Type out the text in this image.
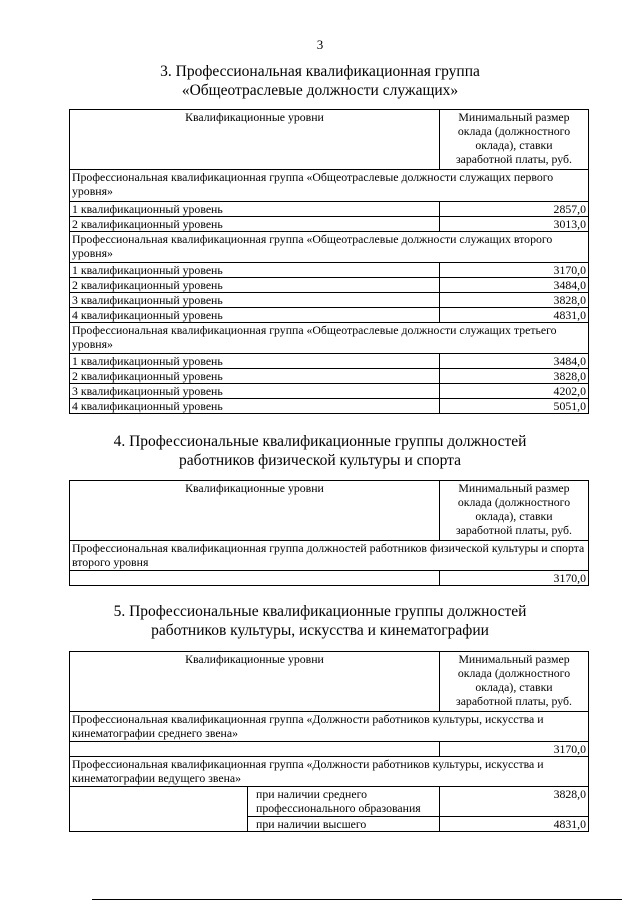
3
3. Профессиональная квалификационная группа
«Общеотраслевые должности служащих»
Квалификационные уровни	Минимальный размер
оклада (должностного
оклада), ставки
заработной платы, руб.

Профессиональная квалификационная группа «Общеотраслевые должности служащих первого уровня»	
1 квалификационный уровень	2857,0
2 квалификационный уровень	3013,0
Профессиональная квалификационная группа «Общеотраслевые должности служащих второго уровня»	
1 квалификационный уровень	3170,0
2 квалификационный уровень	3484,0
3 квалификационный уровень	3828,0
4 квалификационный уровень	4831,0
Профессиональная квалификационная группа «Общеотраслевые должности служащих третьего уровня»	
1 квалификационный уровень	3484,0
2 квалификационный уровень	3828,0
3 квалификационный уровень	4202,0
4 квалификационный уровень	5051,0
4. Профессиональные квалификационные группы должностей
работников физической культуры и спорта
Квалификационные уровни	Минимальный размер
оклада (должностного
оклада), ставки
заработной платы, руб.

Профессиональная квалификационная группа должностей работников физической культуры и спорта второго уровня	
	3170,0
5. Профессиональные квалификационные группы должностей
работников культуры, искусства и кинематографии
Квалификационные уровни		Минимальный размер
оклада (должностного
оклада), ставки
заработной платы, руб.

Профессиональная квалификационная группа «Должности работников культуры, искусства и кинематографии среднего звена»		
		3170,0
Профессиональная квалификационная группа «Должности работников культуры, искусства и кинематографии ведущего звена»		
	при наличии среднего профессионального образования	3828,0
	при наличии высшего	4831,0
